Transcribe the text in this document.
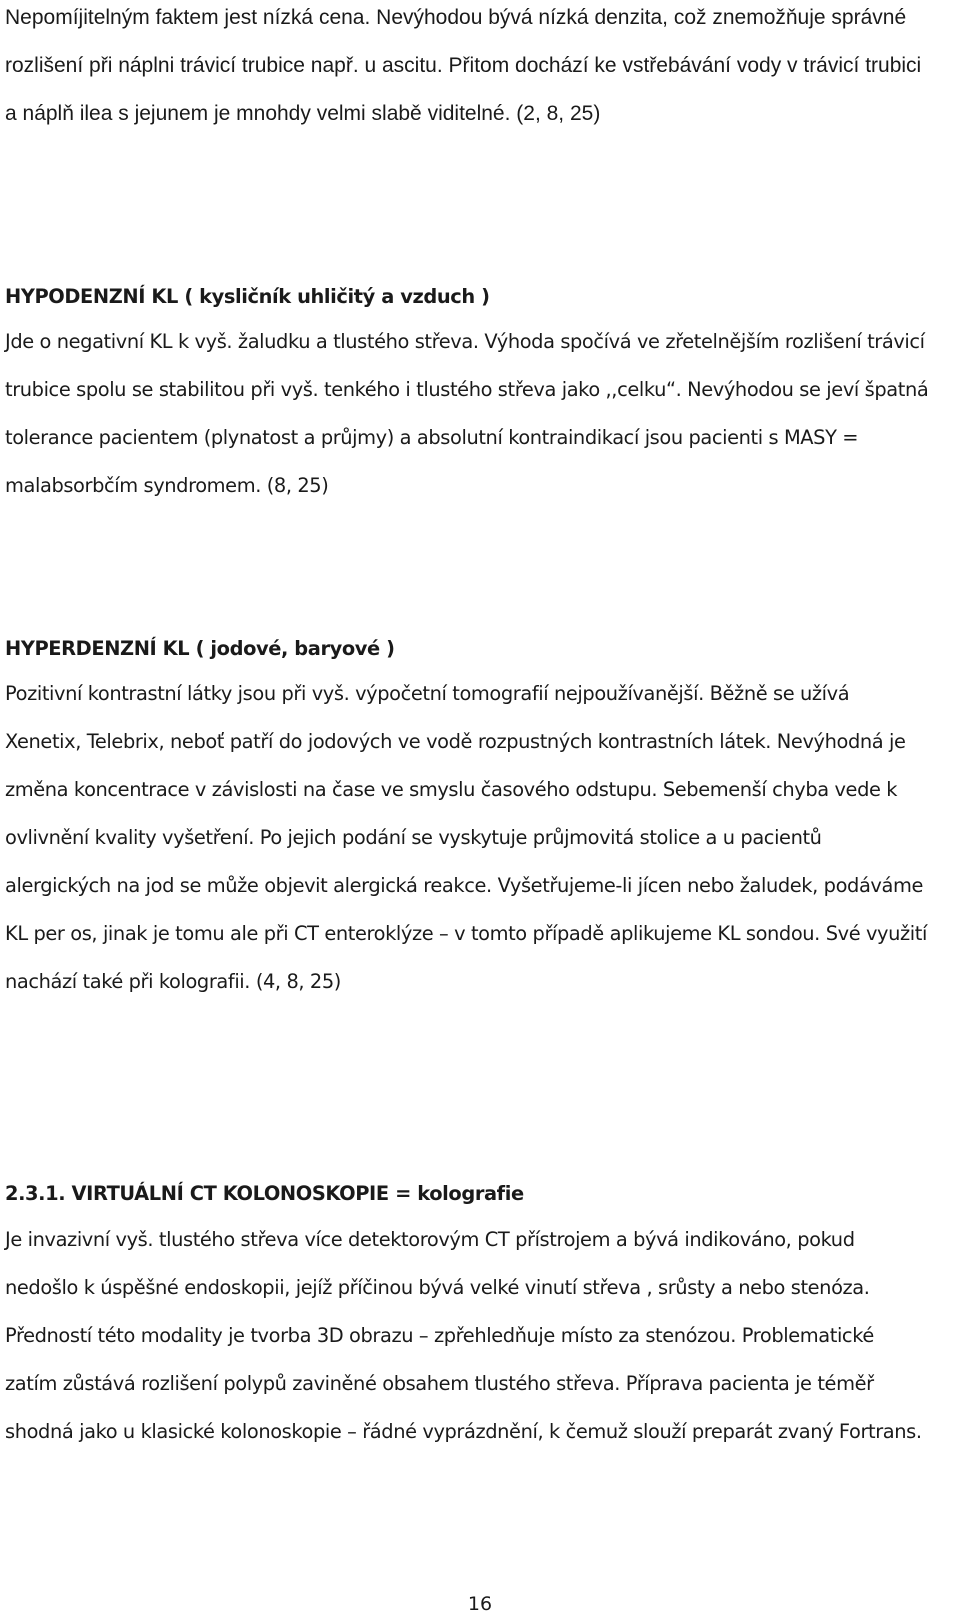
Nepomíjitelným faktem jest nízká cena. Nevýhodou bývá nízká denzita, což znemožňuje správné rozlišení při náplni trávicí trubice např. u ascitu. Přitom dochází ke vstřebávání vody v trávicí trubici a náplň ilea s jejunem je mnohdy velmi slabě viditelné. (2, 8, 25)

HYPODENZNÍ KL ( kysličník uhličitý a vzduch )

Jde o negativní KL k vyš. žaludku a tlustého střeva. Výhoda spočívá ve zřetelnějším rozlišení trávicí trubice spolu se stabilitou při vyš. tenkého i tlustého střeva jako ,,celku“. Nevýhodou se jeví špatná tolerance pacientem (plynatost a průjmy) a absolutní kontraindikací jsou pacienti s MASY = malabsorbčím syndromem. (8, 25)

HYPERDENZNÍ KL ( jodové, baryové )

Pozitivní kontrastní látky jsou při vyš. výpočetní tomografií nejpoužívanější. Běžně se užívá Xenetix, Telebrix, neboť patří do jodových ve vodě rozpustných kontrastních látek. Nevýhodná je změna koncentrace v závislosti na čase ve smyslu časového odstupu. Sebemenší chyba vede k ovlivnění kvality vyšetření. Po jejich podání se vyskytuje průjmovitá stolice a u pacientů alergických na jod se může objevit alergická reakce. Vyšetřujeme-li jícen nebo žaludek, podáváme KL per os, jinak je tomu ale při CT enteroklýze – v tomto případě aplikujeme KL sondou. Své využití nachází také při kolografii. (4, 8, 25)

2.3.1. VIRTUÁLNÍ CT KOLONOSKOPIE = kolografie

Je invazivní vyš. tlustého střeva více detektorovým CT přístrojem a bývá indikováno, pokud nedošlo k úspěšné endoskopii, jejíž příčinou bývá velké vinutí střeva , srůsty a nebo stenóza. Předností této modality je tvorba 3D obrazu – zpřehledňuje místo za stenózou. Problematické zatím zůstává rozlišení polypů zaviněné obsahem tlustého střeva. Příprava pacienta je téměř shodná jako u klasické kolonoskopie – řádné vyprázdnění, k čemuž slouží preparát zvaný Fortrans.

16
